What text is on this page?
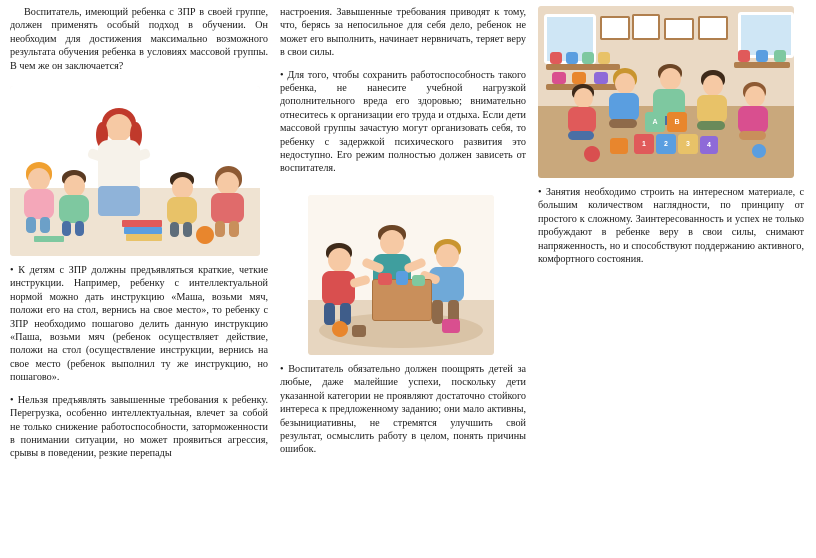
Воспитатель, имеющий ребенка с ЗПР в своей группе, должен применять особый подход в обучении. Он необходим для достижения максимально возможного результата обучения ребенка в условиях массовой группы. В чем же он заключается?

• К детям с ЗПР должны предъявляться краткие, четкие инструкции. Например, ребенку с интеллектуальной нормой можно дать инструкцию «Маша, возьми мяч, положи его на стол, вернись на свое место», то ребенку с ЗПР необходимо пошагово делить данную инструкцию «Паша, возьми мяч (ребенок осуществляет действие, положи на стол (осуществление инструкции, вернись на свое место (ребенок выполнил ту же инструкцию, но пошагово».

• Нельзя предъявлять завышенные требования к ребенку. Перегрузка, особенно интеллектуальная, влечет за собой не только снижение работоспособности, заторможенности в понимании ситуации, но может проявиться агрессия, срывы в поведении, резкие перепады

настроения. Завышенные требования приводят к тому, что, берясь за непосильное для себя дело, ребенок не может его выполнить, начинает нервничать, теряет веру в свои силы.

• Для того, чтобы сохранить работоспособность такого ребенка, не нанесите учебной нагрузкой дополнительного вреда его здоровью; внимательно отнеситесь к организации его труда и отдыха. Если дети массовой группы зачастую могут организовать себя, то ребенку с задержкой психического развития это недоступно. Его режим полностью должен зависеть от воспитателя.

• Воспитатель обязательно должен поощрять детей за любые, даже малейшие успехи, поскольку дети указанной категории не проявляют достаточно стойкого интереса к предложенному заданию; они мало активны, безынициативны, не стремятся улучшить свой результат, осмыслить работу в целом, понять причины ошибок.

1	2	3
A	B
4

• Занятия необходимо строить на интересном материале, с большим количеством наглядности, по принципу от простого к сложному. Заинтересованность и успех не только пробуждают в ребенке веру в свои силы, снимают напряженность, но и способствуют поддержанию активного, комфортного состояния.
